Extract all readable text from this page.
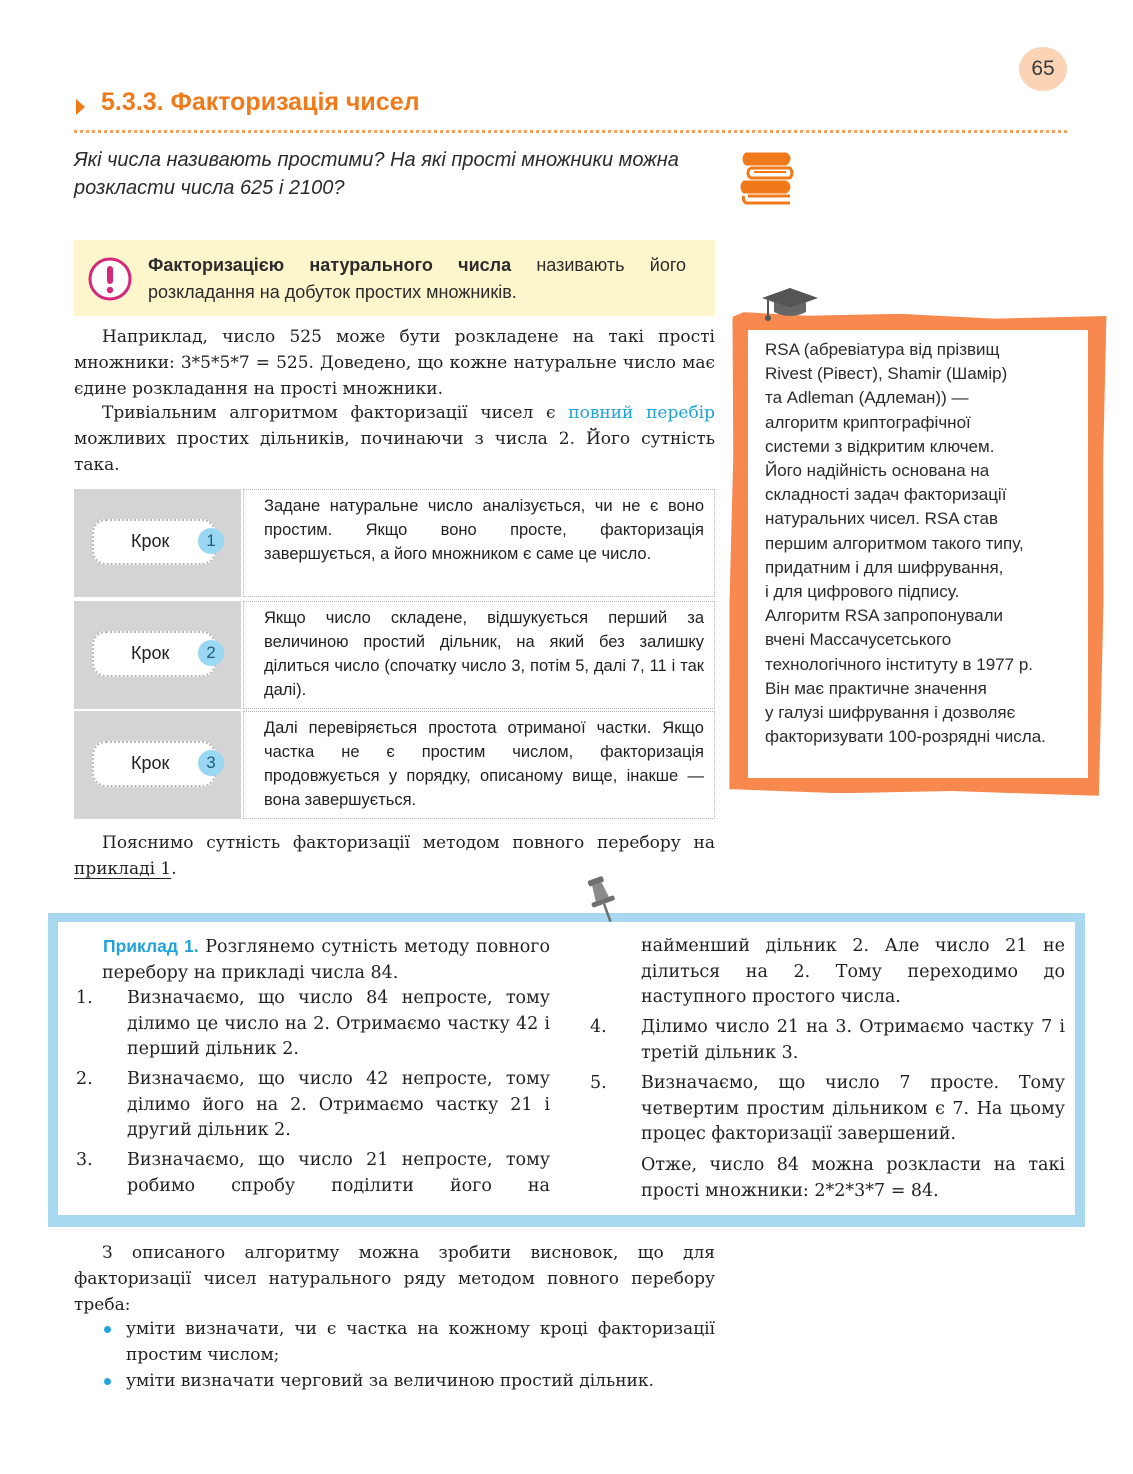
65
5.3.3. Факторизація чисел
Які числа називають простими? На які прості множники можна розкласти числа 625 і 2100?
Факторизацією натурального числа називають його розкладання на добуток простих множників.
Наприклад, число 525 може бути розкладене на такі прості множники: 3*5*5*7 = 525. Доведено, що кожне натуральне число має єдине розкладання на прості множники.
Тривіальним алгоритмом факторизації чисел є повний перебір можливих простих дільників, починаючи з числа 2. Його сутність така.
Крок	1
Задане натуральне число аналізується, чи не є воно простим. Якщо воно просте, факторизація завершується, а його множником є саме це число.
Крок	2
Якщо число складене, відшукується перший за величиною простий дільник, на який без залишку ділиться число (спочатку число 3, потім 5, далі 7, 11 і так далі).
Крок	3
Далі перевіряється простота отриманої частки. Якщо частка не є простим числом, факторизація продовжується у порядку, описаному вище, інакше — вона завершується.
Пояснимо сутність факторизації методом повного перебору на прикладі 1.
RSA (абревіатура від прізвищ
Rivest (Рівест), Shamir (Шамір)
та Adleman (Адлеман)) —
алгоритм криптографічної
системи з відкритим ключем.
Його надійність основана на
складності задач факторизації
натуральних чисел. RSA став
першим алгоритмом такого типу,
придатним і для шифрування,
і для цифрового підпису.
Алгоритм RSA запропонували
вчені Массачусетського
технологічного інституту в 1977 р.
Він має практичне значення
у галузі шифрування і дозволяє
факторизувати 100-розрядні числа.
Приклад 1. Розглянемо сутність методу повного перебору на прикладі числа 84.
1. Визначаємо, що число 84 непросте, тому ділимо це число на 2. Отримаємо частку 42 і перший дільник 2.
2. Визначаємо, що число 42 непросте, тому ділимо його на 2. Отримаємо частку 21 і другий дільник 2.
3. Визначаємо, що число 21 непросте, тому робимо спробу поділити його на
найменший дільник 2. Але число 21 не ділиться на 2. Тому переходимо до наступного простого числа.
4. Ділимо число 21 на 3. Отримаємо частку 7 і третій дільник 3.
5. Визначаємо, що число 7 просте. Тому четвертим простим дільником є 7. На цьому процес факторизації завершений.
Отже, число 84 можна розкласти на такі прості множники: 2*2*3*7 = 84.
З описаного алгоритму можна зробити висновок, що для факторизації чисел натурального ряду методом повного перебору треба:
уміти визначати, чи є частка на кожному кроці факторизації простим числом;
уміти визначати черговий за величиною простий дільник.
